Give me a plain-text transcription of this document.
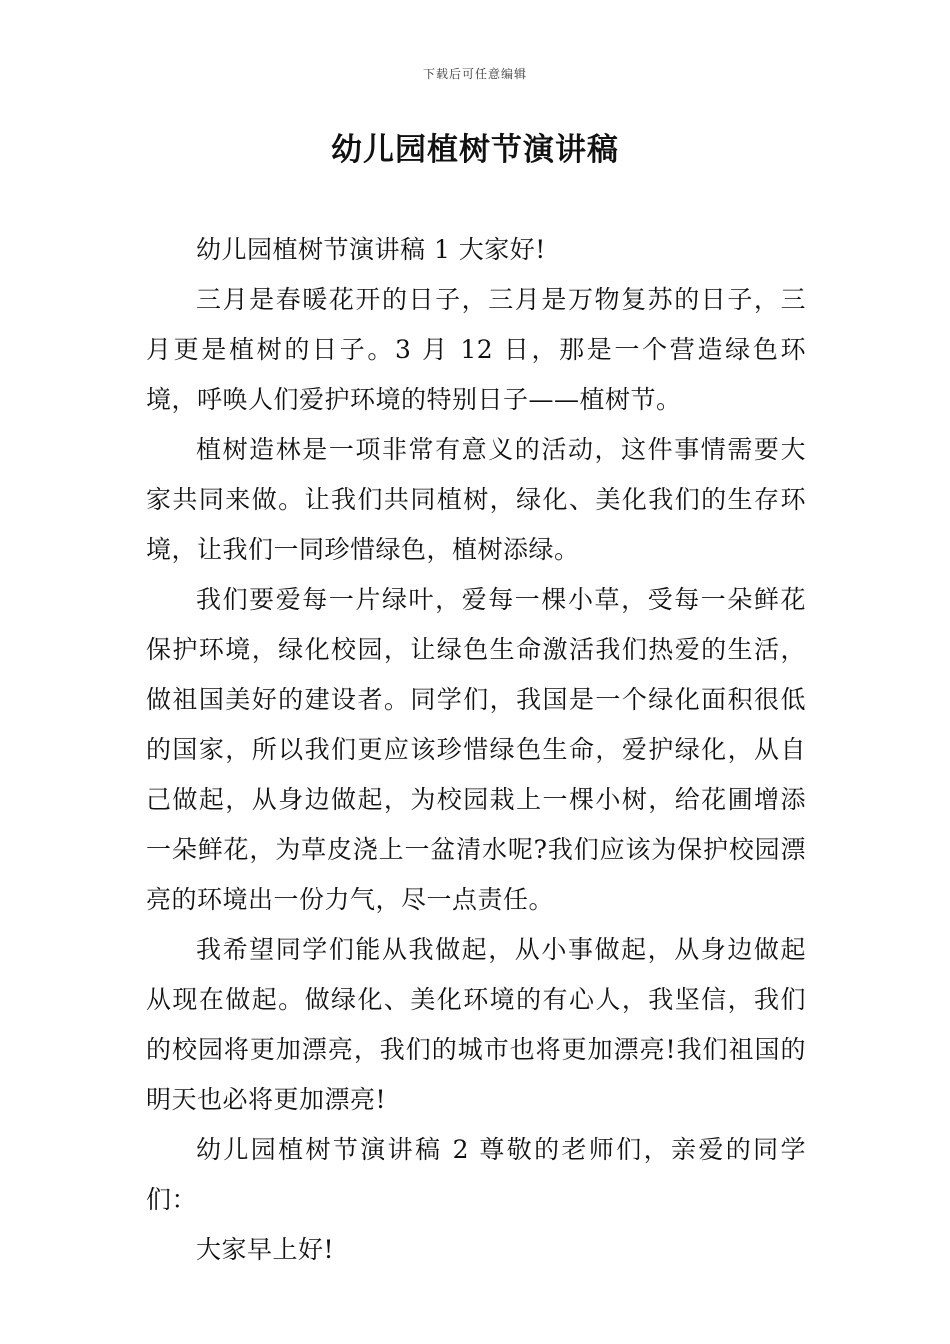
下载后可任意编辑
幼儿园植树节演讲稿

幼儿园植树节演讲稿 1 大家好!

三月是春暖花开的日子，三月是万物复苏的日子，三月更是植树的日子。3 月 12 日，那是一个营造绿色环境，呼唤人们爱护环境的特别日子——植树节。

植树造林是一项非常有意义的活动，这件事情需要大家共同来做。让我们共同植树，绿化、美化我们的生存环境，让我们一同珍惜绿色，植树添绿。

我们要爱每一片绿叶，爱每一棵小草，受每一朵鲜花保护环境，绿化校园，让绿色生命激活我们热爱的生活，做祖国美好的建设者。同学们，我国是一个绿化面积很低的国家，所以我们更应该珍惜绿色生命，爱护绿化，从自己做起，从身边做起，为校园栽上一棵小树，给花圃增添一朵鲜花，为草皮浇上一盆清水呢?我们应该为保护校园漂亮的环境出一份力气，尽一点责任。

我希望同学们能从我做起，从小事做起，从身边做起从现在做起。做绿化、美化环境的有心人，我坚信，我们的校园将更加漂亮，我们的城市也将更加漂亮!我们祖国的明天也必将更加漂亮!

幼儿园植树节演讲稿 2 尊敬的老师们，亲爱的同学们：

大家早上好!
